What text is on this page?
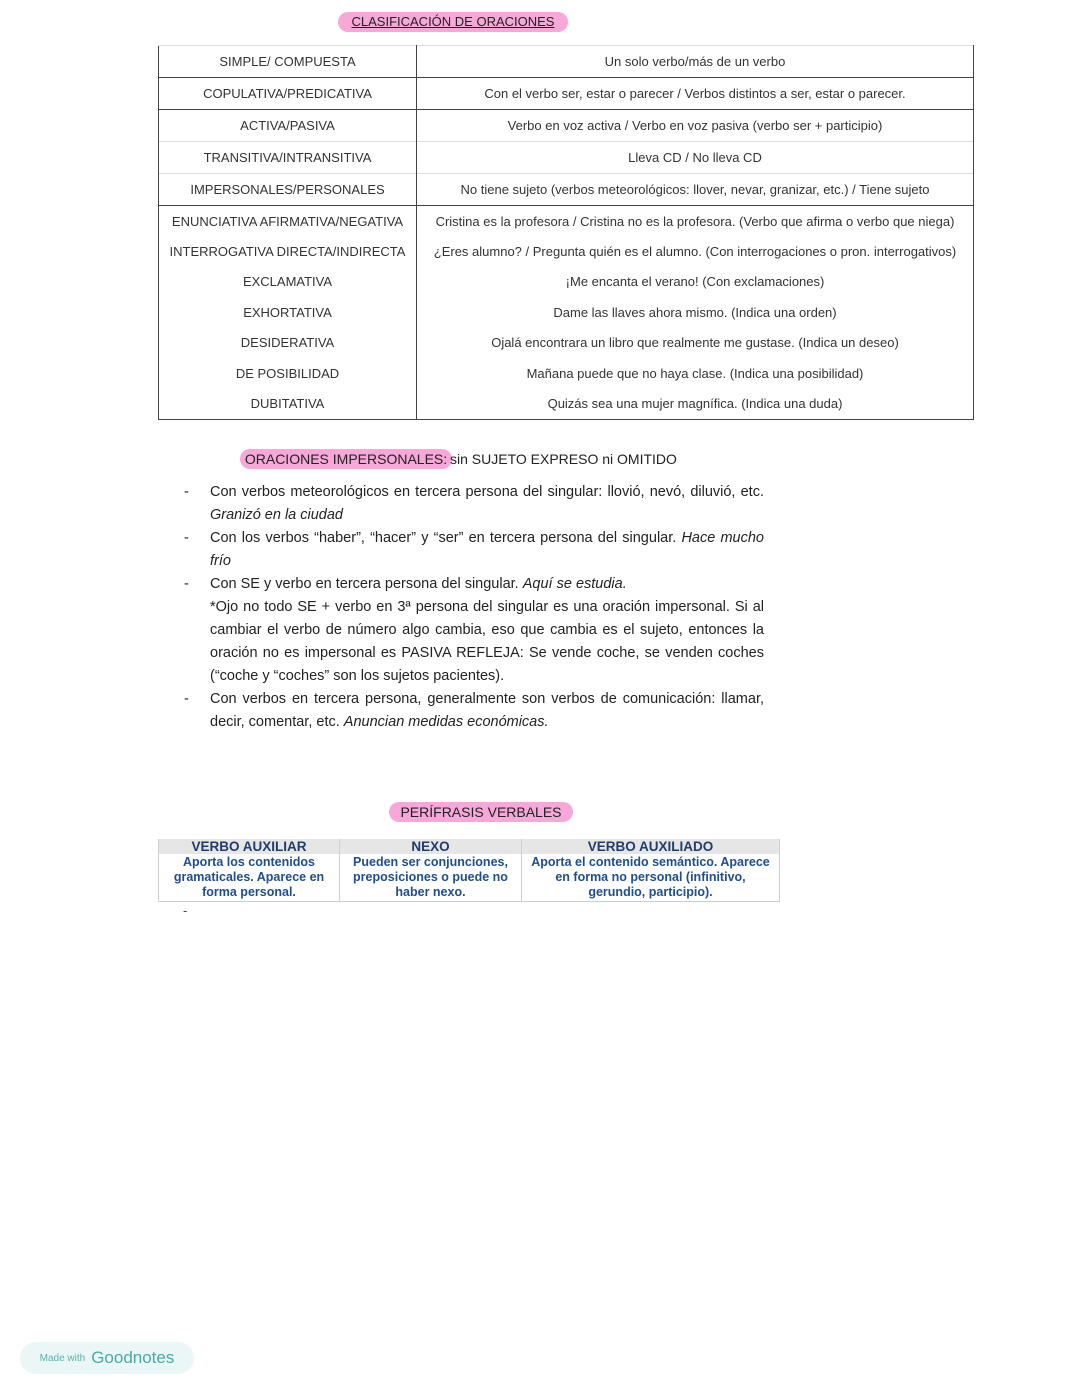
CLASIFICACIÓN DE ORACIONES
SIMPLE/ COMPUESTA	Un solo verbo/más de un verbo
COPULATIVA/PREDICATIVA	Con el verbo ser, estar o parecer / Verbos distintos a ser, estar o parecer.
ACTIVA/PASIVA	Verbo en voz activa / Verbo en voz pasiva (verbo ser + participio)
TRANSITIVA/INTRANSITIVA	Lleva CD / No lleva CD
IMPERSONALES/PERSONALES	No tiene sujeto (verbos meteorológicos: llover, nevar, granizar, etc.) / Tiene sujeto
ENUNCIATIVA AFIRMATIVA/NEGATIVA	Cristina es la profesora / Cristina no es la profesora. (Verbo que afirma o verbo que niega)
INTERROGATIVA DIRECTA/INDIRECTA	¿Eres alumno? / Pregunta quién es el alumno. (Con interrogaciones o pron. interrogativos)
EXCLAMATIVA	¡Me encanta el verano! (Con exclamaciones)
EXHORTATIVA	Dame las llaves ahora mismo. (Indica una orden)
DESIDERATIVA	Ojalá encontrara un libro que realmente me gustase. (Indica un deseo)
DE POSIBILIDAD	Mañana puede que no haya clase. (Indica una posibilidad)
DUBITATIVA	Quizás sea una mujer magnífica. (Indica una duda)
ORACIONES IMPERSONALES: sin SUJETO EXPRESO ni OMITIDO
- Con verbos meteorológicos en tercera persona del singular: llovió, nevó, diluvió, etc. Granizó en la ciudad
- Con los verbos “haber”, “hacer” y “ser” en tercera persona del singular. Hace mucho frío
- Con SE y verbo en tercera persona del singular. Aquí se estudia.
*Ojo no todo SE + verbo en 3ª persona del singular es una oración impersonal. Si al cambiar el verbo de número algo cambia, eso que cambia es el sujeto, entonces la oración no es impersonal es PASIVA REFLEJA: Se vende coche, se venden coches (“coche y “coches” son los sujetos pacientes).
- Con verbos en tercera persona, generalmente son verbos de comunicación: llamar, decir, comentar, etc. Anuncian medidas económicas.
PERÍFRASIS VERBALES
VERBO AUXILIAR	NEXO	VERBO AUXILIADO
Aporta los contenidos gramaticales. Aparece en forma personal.	Pueden ser conjunciones, preposiciones o puede no haber nexo.	Aporta el contenido semántico. Aparece en forma no personal (infinitivo, gerundio, participio).
-
Made with Goodnotes
